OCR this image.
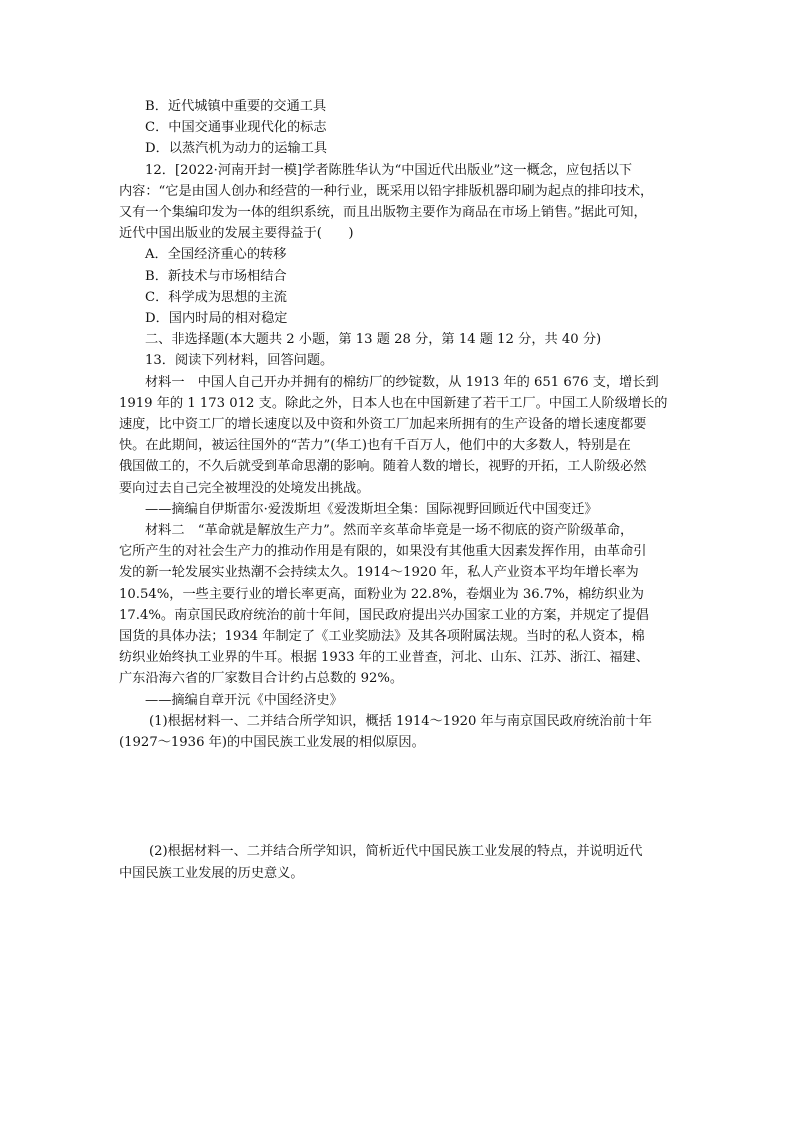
B．近代城镇中重要的交通工具
C．中国交通事业现代化的标志
D．以蒸汽机为动力的运输工具
12．[2022·河南开封一模]学者陈胜华认为“中国近代出版业”这一概念，应包括以下
内容：“它是由国人创办和经营的一种行业，既采用以铅字排版机器印刷为起点的排印技术，
又有一个集编印发为一体的组织系统，而且出版物主要作为商品在市场上销售。”据此可知，
近代中国出版业的发展主要得益于(　　)
A．全国经济重心的转移
B．新技术与市场相结合
C．科学成为思想的主流
D．国内时局的相对稳定
二、非选择题(本大题共 2 小题，第 13 题 28 分，第 14 题 12 分，共 40 分)
13．阅读下列材料，回答问题。
材料一　中国人自己开办并拥有的棉纺厂的纱锭数，从 1913 年的 651 676 支，增长到
1919 年的 1 173 012 支。除此之外，日本人也在中国新建了若干工厂。中国工人阶级增长的
速度，比中资工厂的增长速度以及中资和外资工厂加起来所拥有的生产设备的增长速度都要
快。在此期间，被运往国外的“苦力”(华工)也有千百万人，他们中的大多数人，特别是在
俄国做工的，不久后就受到革命思潮的影响。随着人数的增长，视野的开拓，工人阶级必然
要向过去自己完全被埋没的处境发出挑战。
——摘编自伊斯雷尔·爱泼斯坦《爱泼斯坦全集：国际视野回顾近代中国变迁》
材料二　“革命就是解放生产力”。然而辛亥革命毕竟是一场不彻底的资产阶级革命，
它所产生的对社会生产力的推动作用是有限的，如果没有其他重大因素发挥作用，由革命引
发的新一轮发展实业热潮不会持续太久。1914～1920 年，私人产业资本平均年增长率为
10.54%，一些主要行业的增长率更高，面粉业为 22.8%，卷烟业为 36.7%，棉纺织业为
17.4%。南京国民政府统治的前十年间，国民政府提出兴办国家工业的方案，并规定了提倡
国货的具体办法；1934 年制定了《工业奖励法》及其各项附属法规。当时的私人资本，棉
纺织业始终执工业界的牛耳。根据 1933 年的工业普查，河北、山东、江苏、浙江、福建、
广东沿海六省的厂家数目合计约占总数的 92%。
——摘编自章开沅《中国经济史》
(1)根据材料一、二并结合所学知识，概括 1914～1920 年与南京国民政府统治前十年
(1927～1936 年)的中国民族工业发展的相似原因。
(2)根据材料一、二并结合所学知识，简析近代中国民族工业发展的特点，并说明近代
中国民族工业发展的历史意义。
